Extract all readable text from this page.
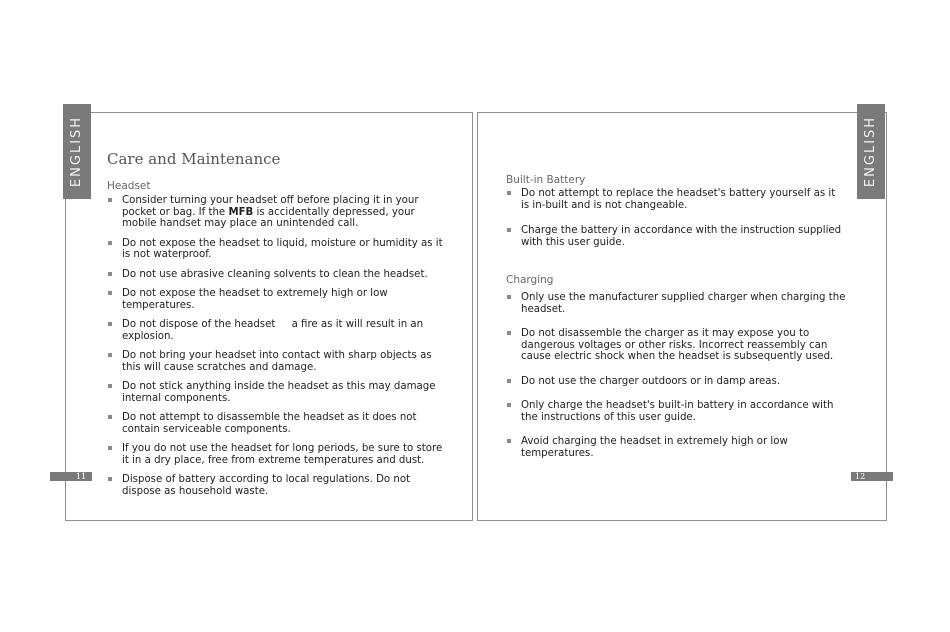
ENGLISH	ENGLISH
11	12
Care and Maintenance
Headset
Consider turning your headset off before placing it in your pocket or bag. If the MFB is accidentally depressed, your mobile handset may place an unintended call.
Do not expose the headset to liquid, moisture or humidity as it is not waterproof.
Do not use abrasive cleaning solvents to clean the headset.
Do not expose the headset to extremely high or low temperatures.
Do not dispose of the headset     a fire as it will result in an explosion.
Do not bring your headset into contact with sharp objects as this will cause scratches and damage.
Do not stick anything inside the headset as this may damage internal components.
Do not attempt to disassemble the headset as it does not contain serviceable components.
If you do not use the headset for long periods, be sure to store it in a dry place, free from extreme temperatures and dust.
Dispose of battery according to local regulations. Do not dispose as household waste.
Built-in Battery
Do not attempt to replace the headset's battery yourself as it is in-built and is not changeable.
Charge the battery in accordance with the instruction supplied with this user guide.
Charging
Only use the manufacturer supplied charger when charging the headset.
Do not disassemble the charger as it may expose you to dangerous voltages or other risks. Incorrect reassembly can cause electric shock when the headset is subsequently used.
Do not use the charger outdoors or in damp areas.
Only charge the headset's built-in battery in accordance with the instructions of this user guide.
Avoid charging the headset in extremely high or low temperatures.
